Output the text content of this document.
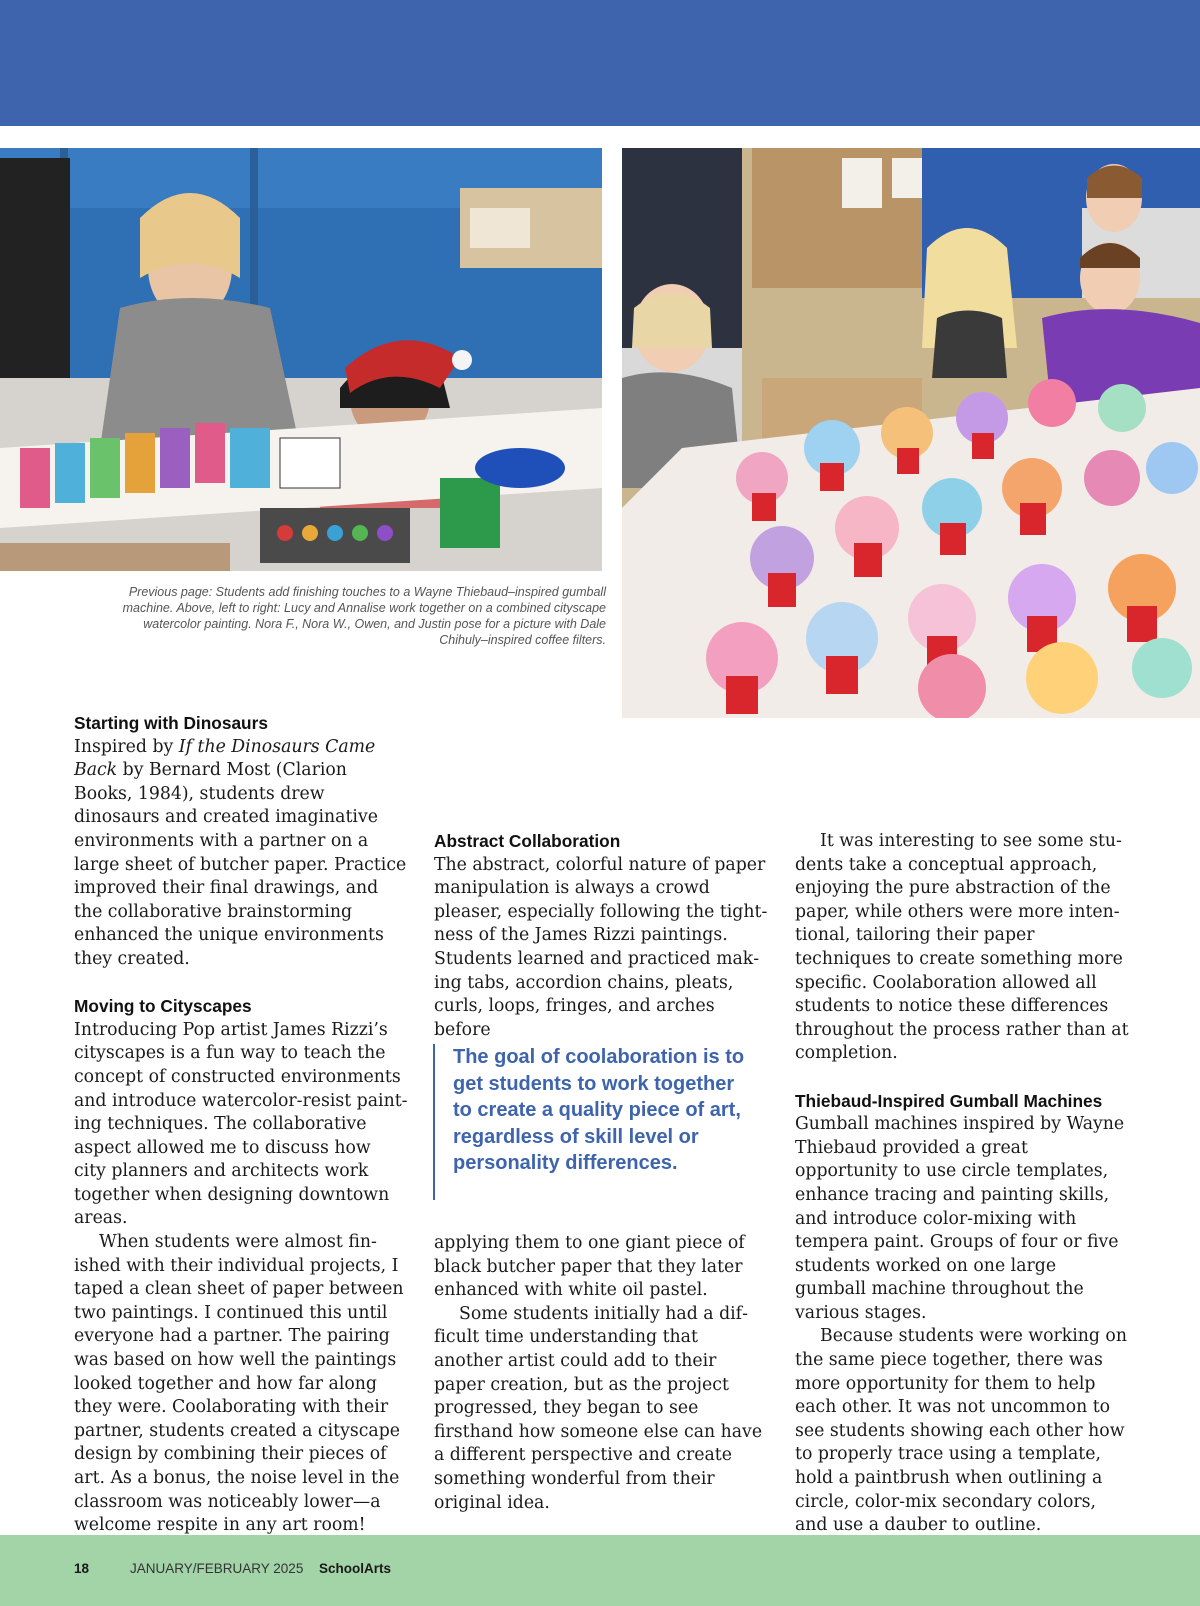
Previous page: Students add finishing touches to a Wayne Thiebaud–inspired gumball machine. Above, left to right: Lucy and Annalise work together on a combined cityscape watercolor painting. Nora F., Nora W., Owen, and Justin pose for a picture with Dale Chihuly–inspired coffee filters.
Starting with Dinosaurs

Inspired by If the Dinosaurs Came Back by Bernard Most (Clarion Books, 1984), students drew dinosaurs and created imaginative environments with a partner on a large sheet of butcher paper. Practice improved their final drawings, and the collaborative brainstorming enhanced the unique environments they created.

Moving to Cityscapes

Introducing Pop artist James Rizzi’s cityscapes is a fun way to teach the concept of constructed environments and introduce watercolor-resist painting techniques. The collaborative aspect allowed me to discuss how city planners and architects work together when designing downtown areas.

When students were almost finished with their individual projects, I taped a clean sheet of paper between two paintings. I continued this until everyone had a partner. The pairing was based on how well the paintings looked together and how far along they were. Coolaborating with their partner, students created a cityscape design by combining their pieces of art. As a bonus, the noise level in the classroom was noticeably lower—a welcome respite in any art room!

Abstract Collaboration

The abstract, colorful nature of paper manipulation is always a crowd pleaser, especially following the tightness of the James Rizzi paintings. Students learned and practiced making tabs, accordion chains, pleats, curls, loops, fringes, and arches before

The goal of coolaboration is to get students to work together to create a quality piece of art, regardless of skill level or personality differences.

applying them to one giant piece of black butcher paper that they later enhanced with white oil pastel.

Some students initially had a difficult time understanding that another artist could add to their paper creation, but as the project progressed, they began to see firsthand how someone else can have a different perspective and create something wonderful from their original idea.

It was interesting to see some students take a conceptual approach, enjoying the pure abstraction of the paper, while others were more intentional, tailoring their paper techniques to create something more specific. Coolaboration allowed all students to notice these differences throughout the process rather than at completion.

Thiebaud-Inspired Gumball Machines

Gumball machines inspired by Wayne Thiebaud provided a great opportunity to use circle templates, enhance tracing and painting skills, and introduce color-mixing with tempera paint. Groups of four or five students worked on one large gumball machine throughout the various stages.

Because students were working on the same piece together, there was more opportunity for them to help each other. It was not uncommon to see students showing each other how to properly trace using a template, hold a paintbrush when outlining a circle, color-mix secondary colors, and use a dauber to outline.

18	JANUARY/FEBRUARY 2025 SchoolArts
